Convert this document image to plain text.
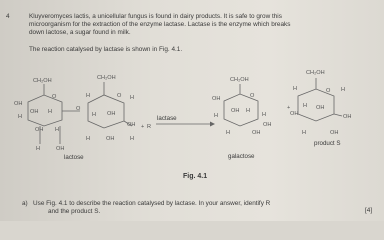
4	Kluyveromyces lactis, a unicellular fungus is found in dairy products. It is safe to grow this
microorganism for the extraction of the enzyme lactase. Lactase is the enzyme which breaks
down lactose, a sugar found in milk.
The reaction catalysed by lactase is shown in Fig. 4.1.
CH₂OH
O
OH
H
OH H
OH H
H	OH
O
CH₂OH
O
H	H
OH
H
OH
H	OH	H
+ R
CH₂OH
O
OH
H
OH H
H
H	OH
OH
CH₂OH
O
H	H
+
OH
OH
H
OH
H	OH
lactase
lactose	galactose
product S
Fig. 4.1
a) Use Fig. 4.1 to describe the reaction catalysed by lactase. In your answer, identify R
and the product S.	[4]
